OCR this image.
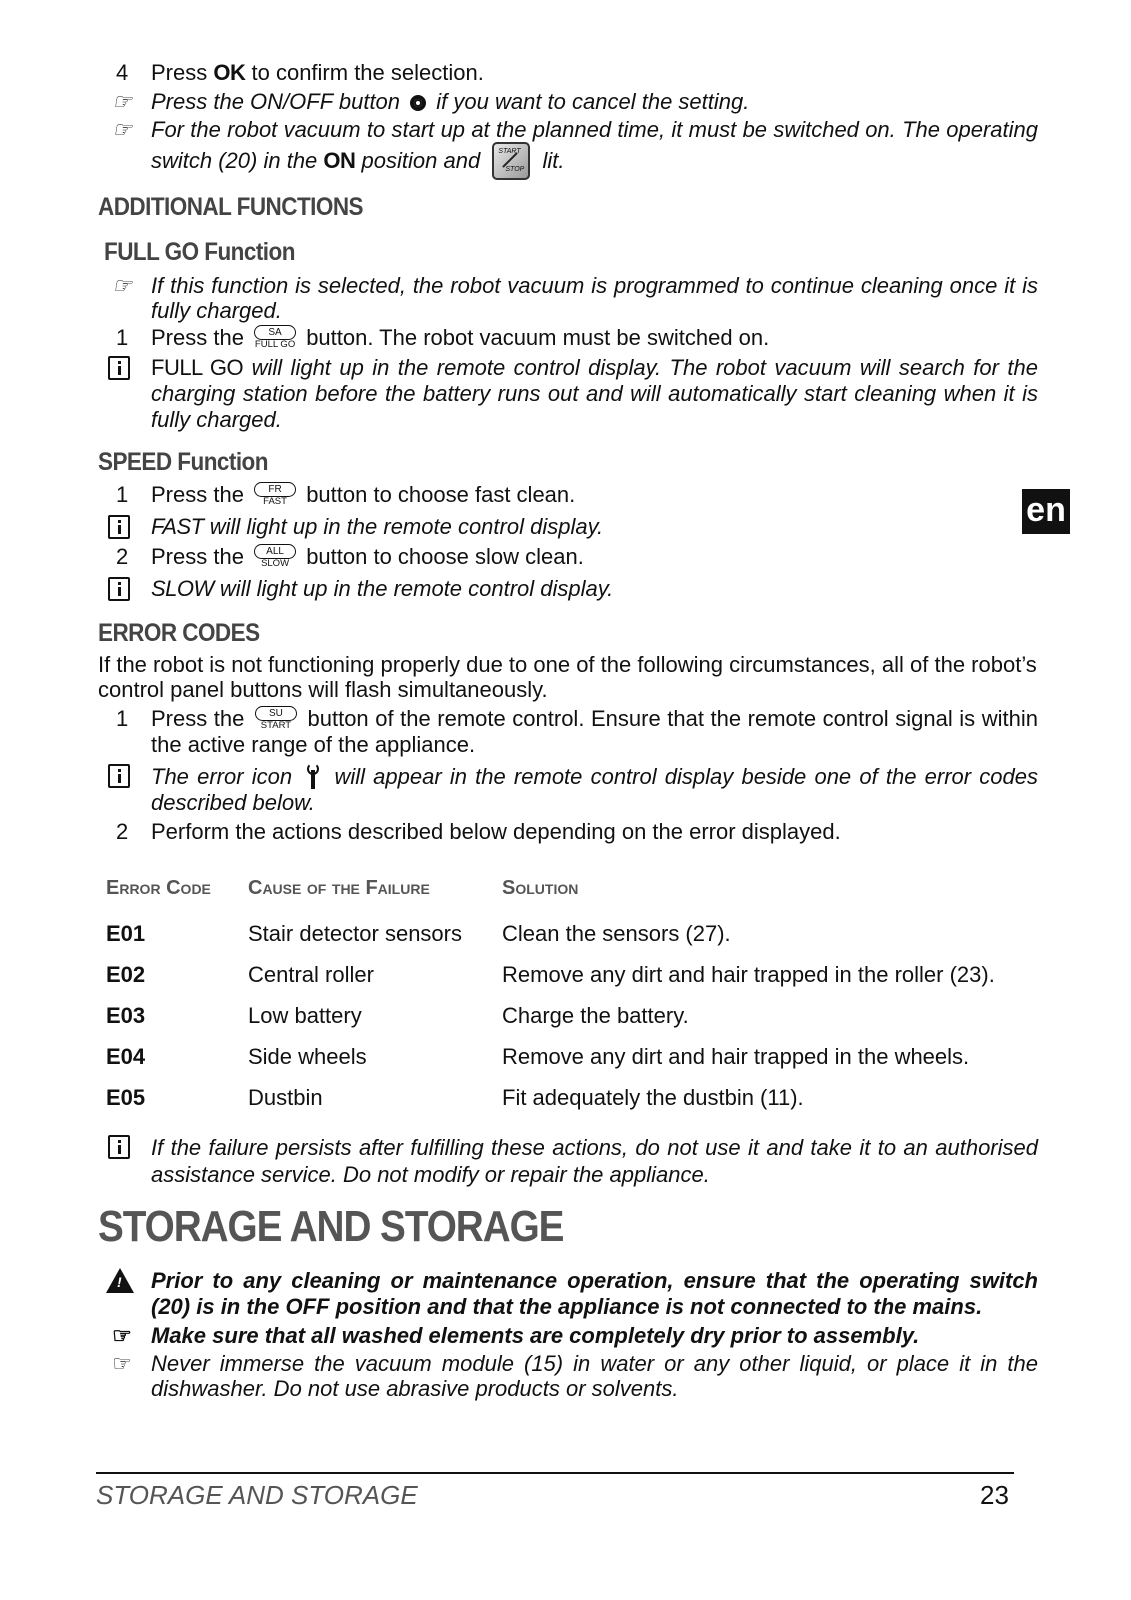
4 Press OK to confirm the selection.
☞ Press the ON/OFF button if you want to cancel the setting.
☞ For the robot vacuum to start up at the planned time, it must be switched on. The operating switch (20) in the ON position and	START
STOP lit.
ADDITIONAL FUNCTIONS
FULL GO Function
☞ If this function is selected, the robot vacuum is programmed to continue cleaning once it is fully charged.
1 Press the	SA
FULL GO button. The robot vacuum must be switched on.
FULL GO will light up in the remote control display. The robot vacuum will search for the charging station before the battery runs out and will automatically start cleaning when it is fully charged.
SPEED Function
1 Press the	FR
FAST button to choose fast clean.
FAST will light up in the remote control display.
2 Press the	ALL
SLOW button to choose slow clean.
SLOW will light up in the remote control display.
ERROR CODES
If the robot is not functioning properly due to one of the following circumstances, all of the robot’s control panel buttons will flash simultaneously.
1 Press the	SU
START button of the remote control. Ensure that the remote control signal is within the active range of the appliance.
The error icon will appear in the remote control display beside one of the error codes described below.
2 Perform the actions described below depending on the error displayed.
Error Code	Cause of the Failure	Solution
E01	Stair detector sensors	Clean the sensors (27).
E02	Central roller	Remove any dirt and hair trapped in the roller (23).
E03	Low battery	Charge the battery.
E04	Side wheels	Remove any dirt and hair trapped in the wheels.
E05	Dustbin	Fit adequately the dustbin (11).
If the failure persists after fulfilling these actions, do not use it and take it to an authorised assistance service. Do not modify or repair the appliance.
STORAGE AND STORAGE
!
Prior to any cleaning or maintenance operation, ensure that the operating switch (20) is in the OFF position and that the appliance is not connected to the mains.
☞ Make sure that all washed elements are completely dry prior to assembly.
☞ Never immerse the vacuum module (15) in water or any other liquid, or place it in the dishwasher. Do not use abrasive products or solvents.
en
STORAGE AND STORAGE	23
